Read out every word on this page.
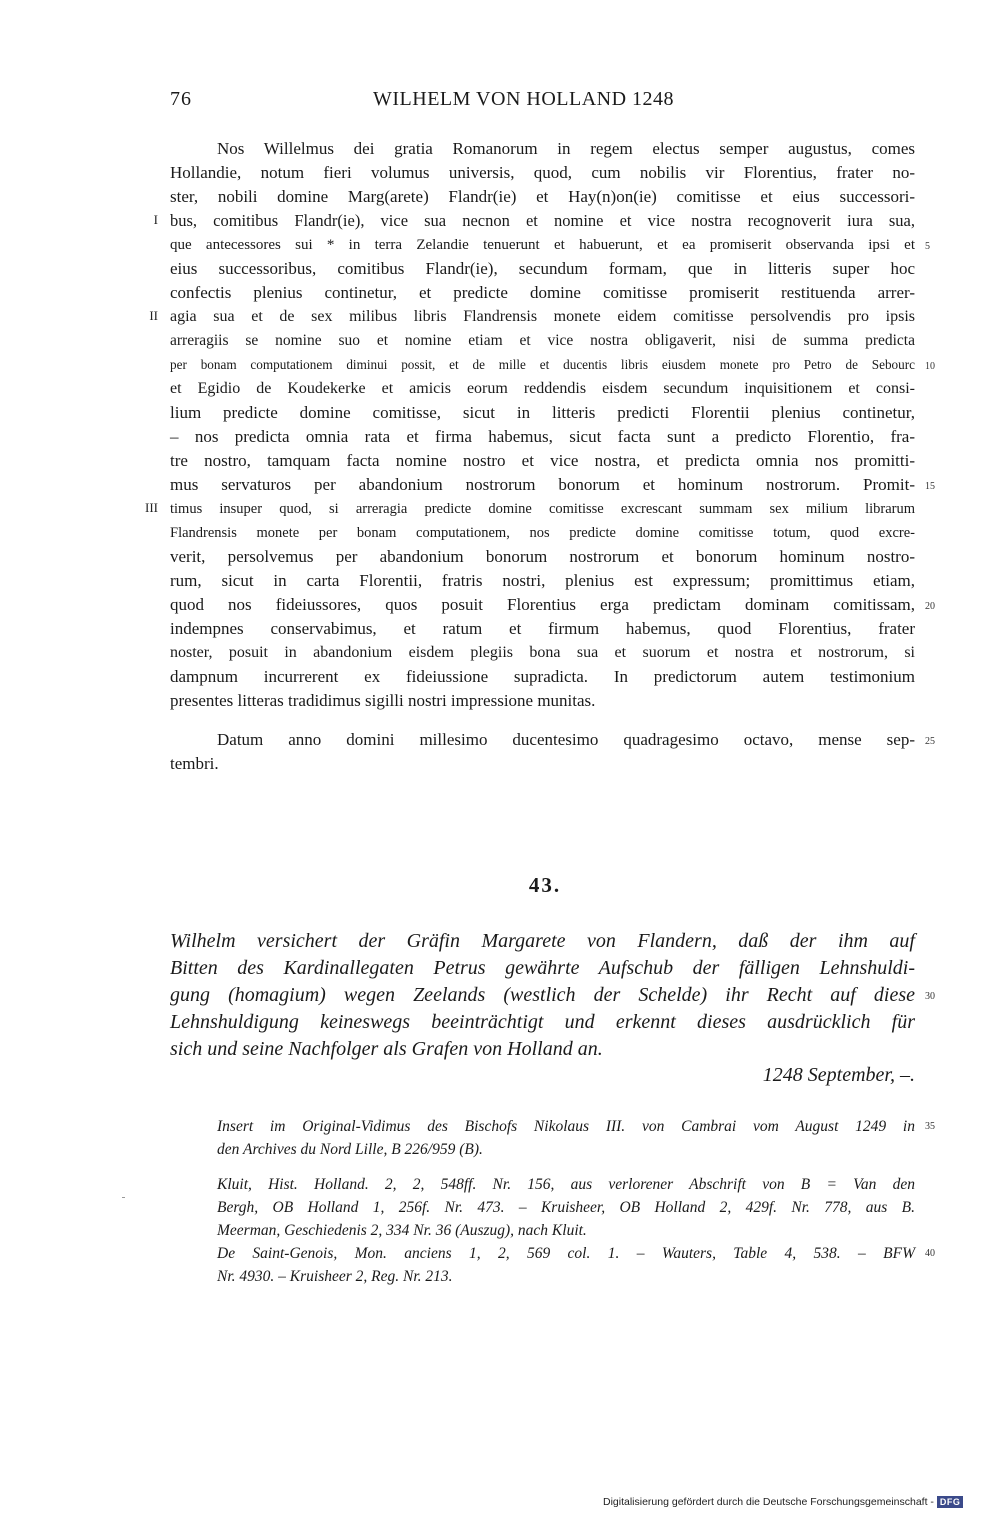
76	WILHELM VON HOLLAND 1248
Nos Willelmus dei gratia Romanorum in regem electus semper augustus, comes
Hollandie, notum fieri volumus universis, quod, cum nobilis vir Florentius, frater no-
ster, nobili domine Marg(arete) Flandr(ie) et Hay(n)on(ie) comitisse et eius successori-
bus, comitibus Flandr(ie), vice sua necnon et nomine et vice nostra recognoverit iura sua,
que antecessores sui * in terra Zelandie tenuerunt et habuerunt, et ea promiserit observanda ipsi et
eius successoribus, comitibus Flandr(ie), secundum formam, que in litteris super hoc
confectis plenius continetur, et predicte domine comitisse promiserit restituenda arrer-
agia sua et de sex milibus libris Flandrensis monete eidem comitisse persolvendis pro ipsis
arreragiis se nomine suo et nomine etiam et vice nostra obligaverit, nisi de summa predicta
per bonam computationem diminui possit, et de mille et ducentis libris eiusdem monete pro Petro de Sebourc
et Egidio de Koudekerke et amicis eorum reddendis eisdem secundum inquisitionem et consi-
lium predicte domine comitisse, sicut in litteris predicti Florentii plenius continetur,
– nos predicta omnia rata et firma habemus, sicut facta sunt a predicto Florentio, fra-
tre nostro, tamquam facta nomine nostro et vice nostra, et predicta omnia nos promitti-
mus servaturos per abandonium nostrorum bonorum et hominum nostrorum. Promit-
timus insuper quod, si arreragia predicte domine comitisse excrescant summam sex milium librarum
Flandrensis monete per bonam computationem, nos predicte domine comitisse totum, quod excre-
verit, persolvemus per abandonium bonorum nostrorum et bonorum hominum nostro-
rum, sicut in carta Florentii, fratris nostri, plenius est expressum; promittimus etiam,
quod nos fideiussores, quos posuit Florentius erga predictam dominam comitissam,
indempnes conservabimus, et ratum et firmum habemus, quod Florentius, frater
noster, posuit in abandonium eisdem plegiis bona sua et suorum et nostra et nostrorum, si
dampnum incurrerent ex fideiussione supradicta. In predictorum autem testimonium
presentes litteras tradidimus sigilli nostri impressione munitas.
Datum anno domini millesimo ducentesimo quadragesimo octavo, mense sep-
tembri.
I
II
III
5
10
15
20
25
43.
Wilhelm versichert der Gräfin Margarete von Flandern, daß der ihm auf
Bitten des Kardinallegaten Petrus gewährte Aufschub der fälligen Lehnshuldi-
gung (homagium) wegen Zeelands (westlich der Schelde) ihr Recht auf diese
Lehnshuldigung keineswegs beeinträchtigt und erkennt dieses ausdrücklich für
sich und seine Nachfolger als Grafen von Holland an.
30
1248 September, –.
Insert im Original-Vidimus des Bischofs Nikolaus III. von Cambrai vom August 1249 in
den Archives du Nord Lille, B 226/959 (B).
Kluit, Hist. Holland. 2, 2, 548ff. Nr. 156, aus verlorener Abschrift von B = Van den
Bergh, OB Holland 1, 256f. Nr. 473. – Kruisheer, OB Holland 2, 429f. Nr. 778, aus B.
Meerman, Geschiedenis 2, 334 Nr. 36 (Auszug), nach Kluit.
De Saint-Genois, Mon. anciens 1, 2, 569 col. 1. – Wauters, Table 4, 538. – BFW
Nr. 4930. – Kruisheer 2, Reg. Nr. 213.
35
40
Digitalisierung gefördert durch die Deutsche Forschungsgemeinschaft - DFG
